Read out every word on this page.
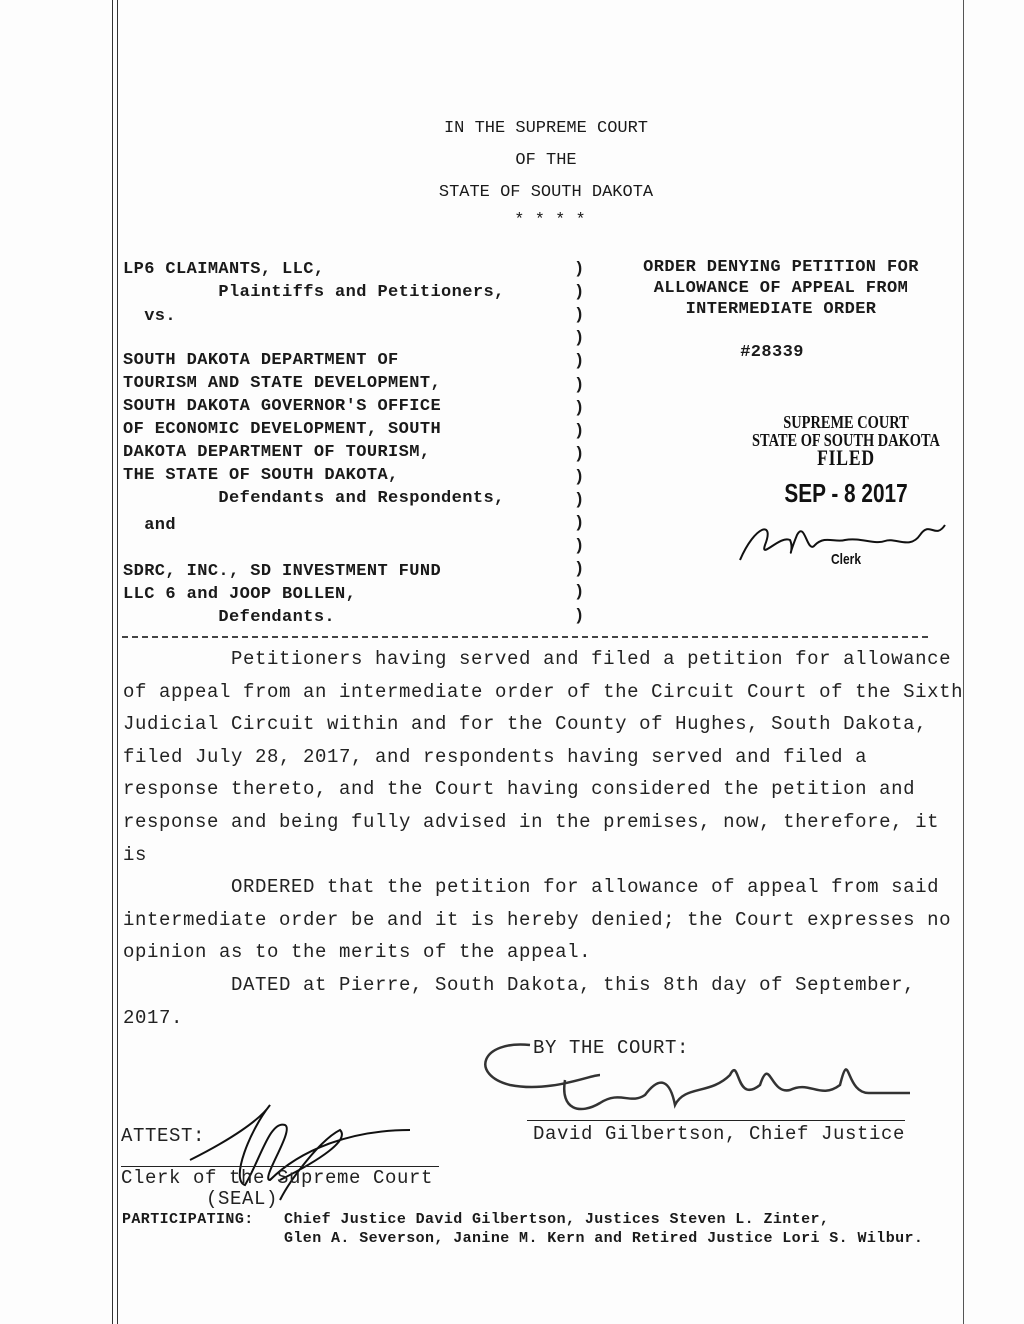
IN THE SUPREME COURT
OF THE
STATE OF SOUTH DAKOTA
* * * *
LP6 CLAIMANTS, LLC,
Plaintiffs and Petitioners,
vs.
SOUTH DAKOTA DEPARTMENT OF
TOURISM AND STATE DEVELOPMENT,
SOUTH DAKOTA GOVERNOR'S OFFICE
OF ECONOMIC DEVELOPMENT, SOUTH
DAKOTA DEPARTMENT OF TOURISM,
THE STATE OF SOUTH DAKOTA,
Defendants and Respondents,
and
SDRC, INC., SD INVESTMENT FUND
LLC 6 and JOOP BOLLEN,
Defendants.
)
)
)
)
)
)
)
)
)
)
)
)
)
)
)
)
ORDER DENYING PETITION FOR
ALLOWANCE OF APPEAL FROM
INTERMEDIATE ORDER
#28339
SUPREME COURT
STATE OF SOUTH DAKOTA
FILED
SEP - 8 2017
Clerk
Petitioners having served and filed a petition for allowance
of appeal from an intermediate order of the Circuit Court of the Sixth
Judicial Circuit within and for the County of Hughes, South Dakota,
filed July 28, 2017, and respondents having served and filed a
response thereto, and the Court having considered the petition and
response and being fully advised in the premises, now, therefore, it
is
ORDERED that the petition for allowance of appeal from said
intermediate order be and it is hereby denied; the Court expresses no
opinion as to the merits of the appeal.
DATED at Pierre, South Dakota, this 8th day of September,
2017.
BY THE COURT:
David Gilbertson, Chief Justice
ATTEST:
Clerk of the Supreme Court
(SEAL)
PARTICIPATING: Chief Justice David Gilbertson, Justices Steven L. Zinter,
Glen A. Severson, Janine M. Kern and Retired Justice Lori S. Wilbur.
